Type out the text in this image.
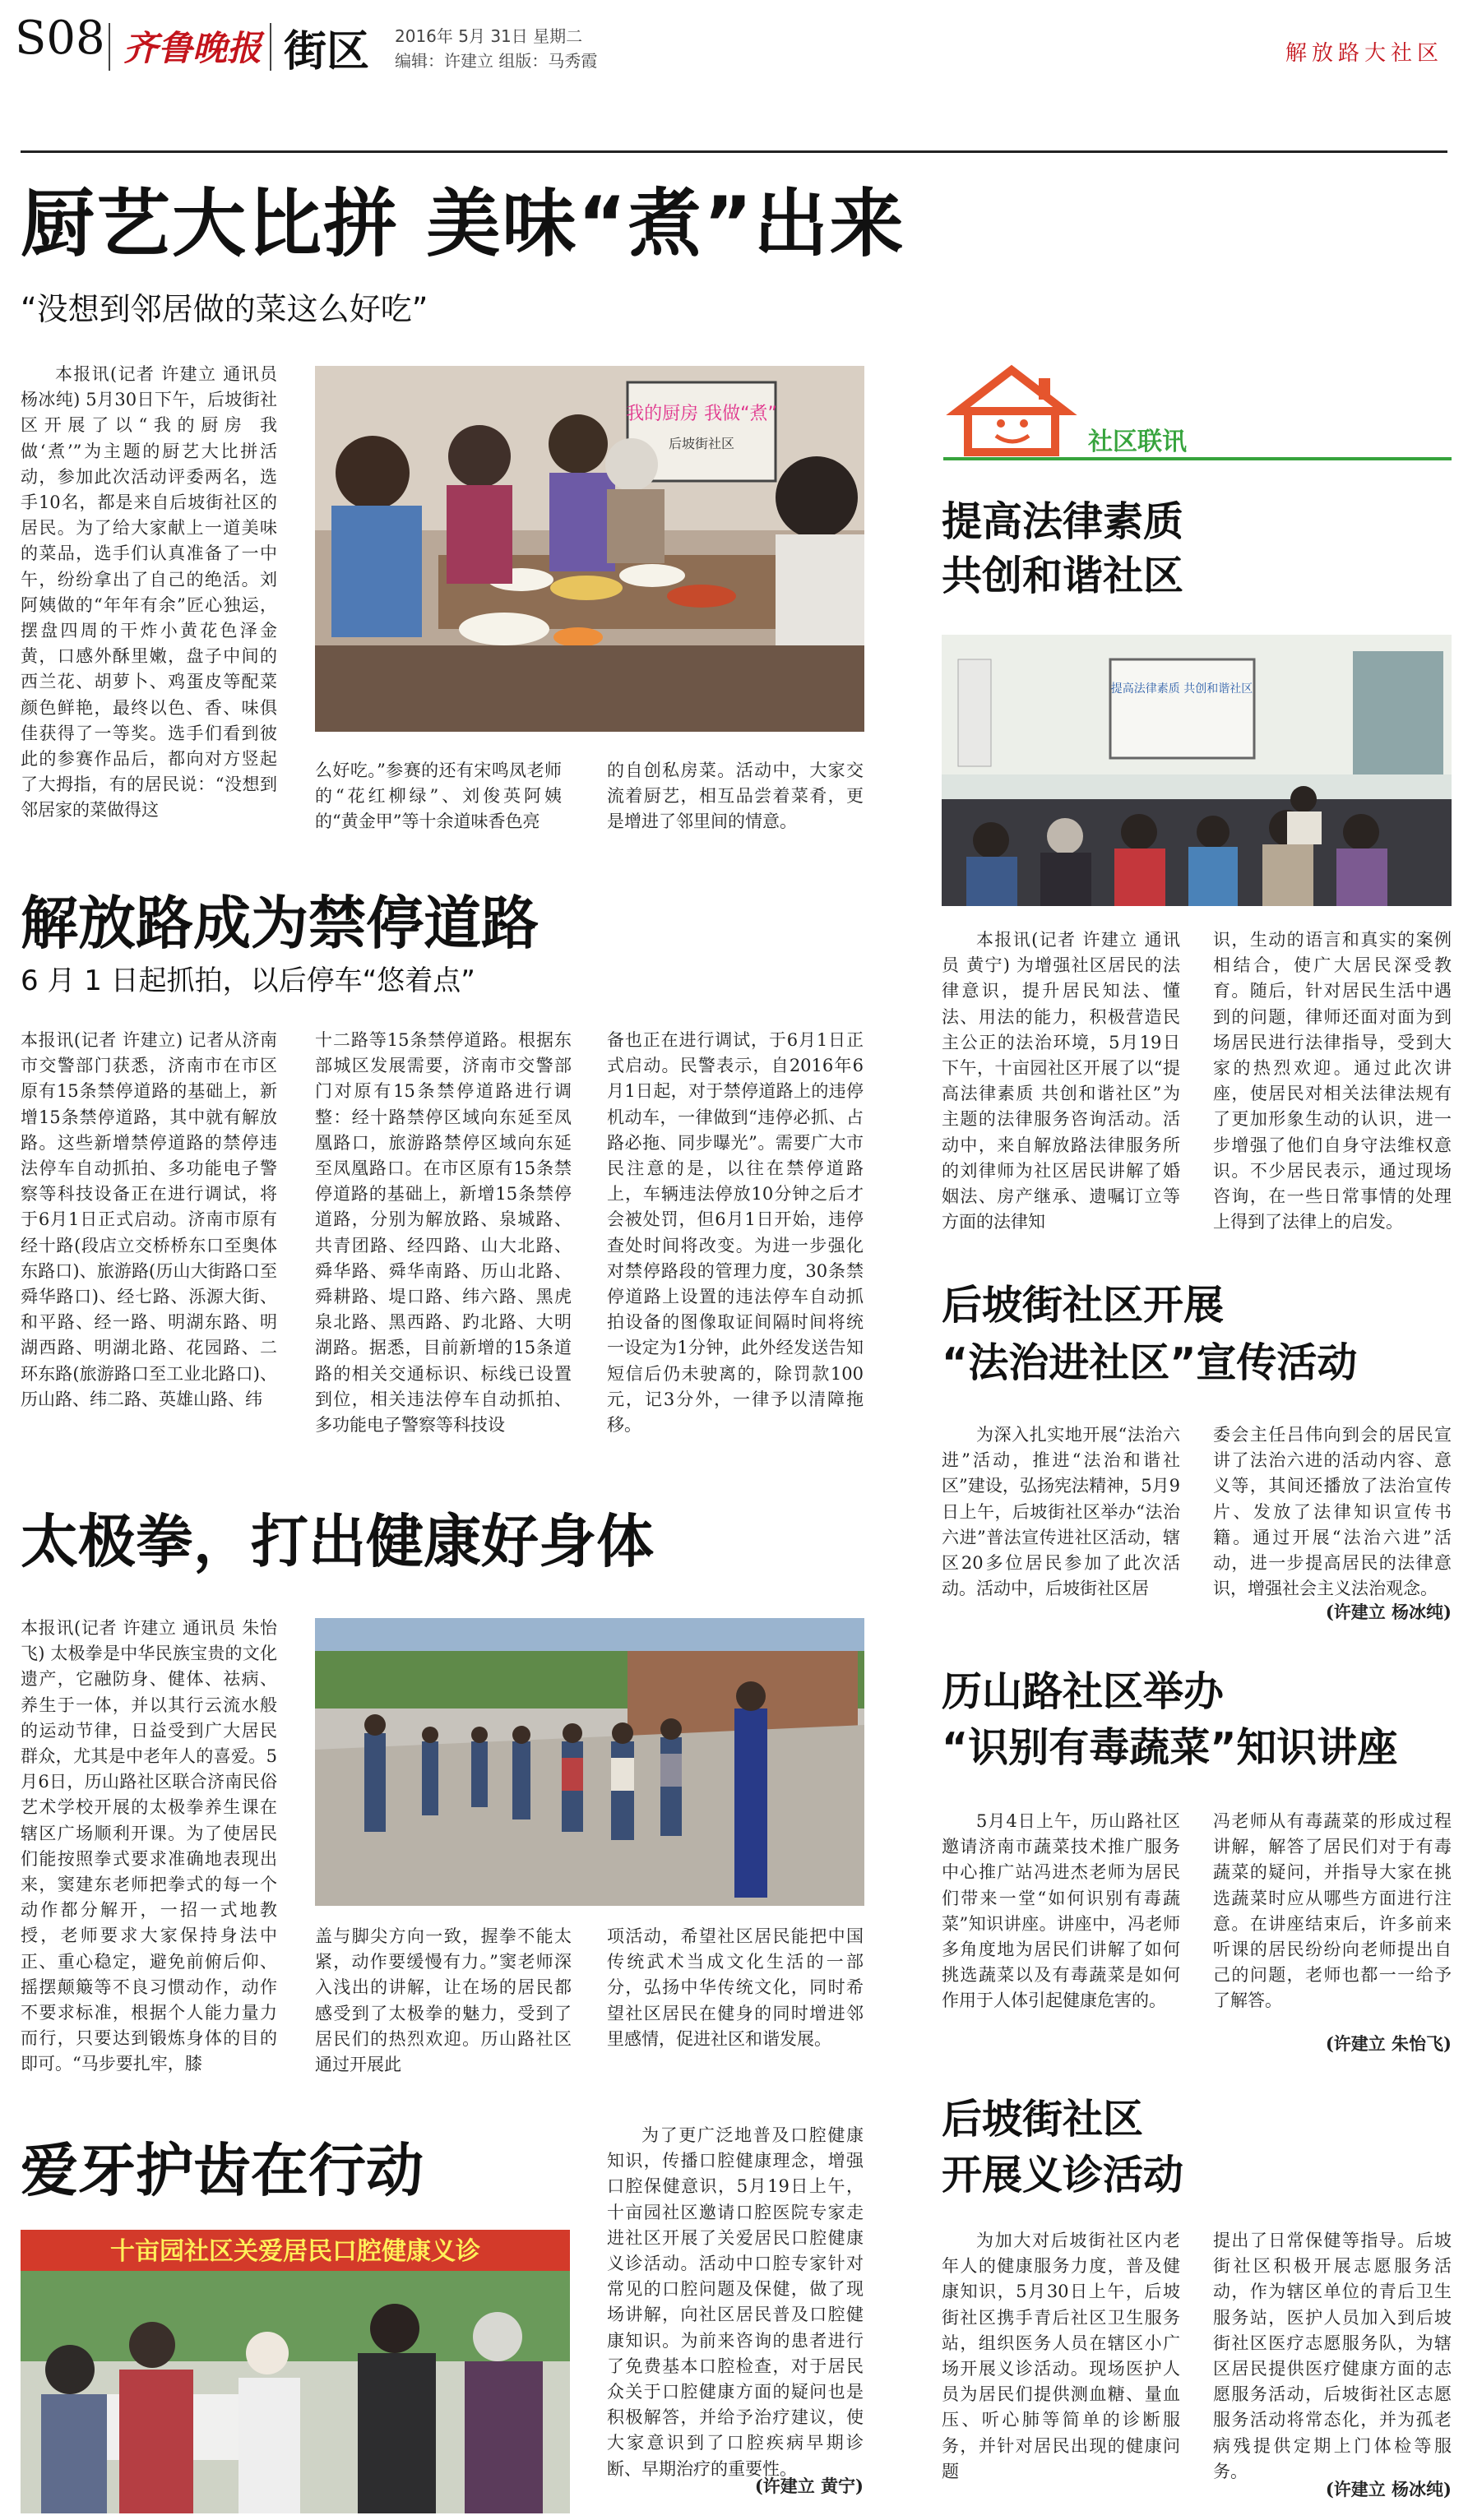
S08 齐鲁晚报 街区 2016年 5月 31日 星期二
编辑：许建立 组版：马秀霞	解放路大社区
厨艺大比拼 美味“煮”出来
“没想到邻居做的菜这么好吃”
本报讯(记者 许建立 通讯员 杨冰纯) 5月30日下午，后坡街社区开展了以“我的厨房 我做‘煮’”为主题的厨艺大比拼活动，参加此次活动评委两名，选手10名，都是来自后坡街社区的居民。为了给大家献上一道美味的菜品，选手们认真准备了一中午，纷纷拿出了自己的绝活。刘阿姨做的“年年有余”匠心独运，摆盘四周的干炸小黄花色泽金黄，口感外酥里嫩，盘子中间的西兰花、胡萝卜、鸡蛋皮等配菜颜色鲜艳，最终以色、香、味俱佳获得了一等奖。选手们看到彼此的参赛作品后，都向对方竖起了大拇指，有的居民说：“没想到邻居家的菜做得这
我的厨房 我做“煮”
后坡街社区
么好吃。”参赛的还有宋鸣凤老师的“花红柳绿”、刘俊英阿姨的“黄金甲”等十余道味香色亮
的自创私房菜。活动中，大家交流着厨艺，相互品尝着菜肴，更是增进了邻里间的情意。
解放路成为禁停道路
6 月 1 日起抓拍，以后停车“悠着点”
本报讯(记者 许建立) 记者从济南市交警部门获悉，济南市在市区原有15条禁停道路的基础上，新增15条禁停道路，其中就有解放路。这些新增禁停道路的禁停违法停车自动抓拍、多功能电子警察等科技设备正在进行调试，将于6月1日正式启动。济南市原有经十路(段店立交桥桥东口至奥体东路口)、旅游路(历山大街路口至舜华路口)、经七路、泺源大街、和平路、经一路、明湖东路、明湖西路、明湖北路、花园路、二环东路(旅游路口至工业北路口)、历山路、纬二路、英雄山路、纬
十二路等15条禁停道路。根据东部城区发展需要，济南市交警部门对原有15条禁停道路进行调整：经十路禁停区域向东延至凤凰路口，旅游路禁停区域向东延至凤凰路口。在市区原有15条禁停道路的基础上，新增15条禁停道路，分别为解放路、泉城路、共青团路、经四路、山大北路、舜华路、舜华南路、历山北路、舜耕路、堤口路、纬六路、黑虎泉北路、黑西路、趵北路、大明湖路。据悉，目前新增的15条道路的相关交通标识、标线已设置到位，相关违法停车自动抓拍、多功能电子警察等科技设
备也正在进行调试，于6月1日正式启动。民警表示，自2016年6月1日起，对于禁停道路上的违停机动车，一律做到“违停必抓、占路必拖、同步曝光”。需要广大市民注意的是，以往在禁停道路上，车辆违法停放10分钟之后才会被处罚，但6月1日开始，违停查处时间将改变。为进一步强化对禁停路段的管理力度，30条禁停道路上设置的违法停车自动抓拍设备的图像取证间隔时间将统一设定为1分钟，此外经发送告知短信后仍未驶离的，除罚款100元，记3分外，一律予以清障拖移。
太极拳，打出健康好身体
本报讯(记者 许建立 通讯员 朱怡飞) 太极拳是中华民族宝贵的文化遗产，它融防身、健体、祛病、养生于一体，并以其行云流水般的运动节律，日益受到广大居民群众，尤其是中老年人的喜爱。5月6日，历山路社区联合济南民俗艺术学校开展的太极拳养生课在辖区广场顺利开课。为了使居民们能按照拳式要求准确地表现出来，窦建东老师把拳式的每一个动作都分解开，一招一式地教授，老师要求大家保持身法中正、重心稳定，避免前俯后仰、摇摆颠簸等不良习惯动作，动作不要求标准，根据个人能力量力而行，只要达到锻炼身体的目的即可。“马步要扎牢，膝
盖与脚尖方向一致，握拳不能太紧，动作要缓慢有力。”窦老师深入浅出的讲解，让在场的居民都感受到了太极拳的魅力，受到了居民们的热烈欢迎。历山路社区通过开展此
项活动，希望社区居民能把中国传统武术当成文化生活的一部分，弘扬中华传统文化，同时希望社区居民在健身的同时增进邻里感情，促进社区和谐发展。
爱牙护齿在行动
十亩园社区关爱居民口腔健康义诊
为了更广泛地普及口腔健康知识，传播口腔健康理念，增强口腔保健意识，5月19日上午，十亩园社区邀请口腔医院专家走进社区开展了关爱居民口腔健康义诊活动。活动中口腔专家针对常见的口腔问题及保健，做了现场讲解，向社区居民普及口腔健康知识。为前来咨询的患者进行了免费基本口腔检查，对于居民众关于口腔健康方面的疑问也是积极解答，并给予治疗建议，使大家意识到了口腔疾病早期诊断、早期治疗的重要性。
(许建立 黄宁)
社区联讯
提高法律素质
共创和谐社区
提高法律素质 共创和谐社区
本报讯(记者 许建立 通讯员 黄宁) 为增强社区居民的法律意识，提升居民知法、懂法、用法的能力，积极营造民主公正的法治环境，5月19日下午，十亩园社区开展了以“提高法律素质 共创和谐社区”为主题的法律服务咨询活动。活动中，来自解放路法律服务所的刘律师为社区居民讲解了婚姻法、房产继承、遗嘱订立等方面的法律知
识，生动的语言和真实的案例相结合，使广大居民深受教育。随后，针对居民生活中遇到的问题，律师还面对面为到场居民进行法律指导，受到大家的热烈欢迎。通过此次讲座，使居民对相关法律法规有了更加形象生动的认识，进一步增强了他们自身守法维权意识。不少居民表示，通过现场咨询，在一些日常事情的处理上得到了法律上的启发。
后坡街社区开展
“法治进社区”宣传活动
为深入扎实地开展“法治六进”活动，推进“法治和谐社区”建设，弘扬宪法精神，5月9日上午，后坡街社区举办“法治六进”普法宣传进社区活动，辖区20多位居民参加了此次活动。活动中，后坡街社区居
委会主任吕伟向到会的居民宣讲了法治六进的活动内容、意义等，其间还播放了法治宣传片、发放了法律知识宣传书籍。通过开展“法治六进”活动，进一步提高居民的法律意识，增强社会主义法治观念。
(许建立 杨冰纯)
历山路社区举办
“识别有毒蔬菜”知识讲座
5月4日上午，历山路社区邀请济南市蔬菜技术推广服务中心推广站冯进杰老师为居民们带来一堂“如何识别有毒蔬菜”知识讲座。讲座中，冯老师多角度地为居民们讲解了如何挑选蔬菜以及有毒蔬菜是如何作用于人体引起健康危害的。
冯老师从有毒蔬菜的形成过程讲解，解答了居民们对于有毒蔬菜的疑问，并指导大家在挑选蔬菜时应从哪些方面进行注意。在讲座结束后，许多前来听课的居民纷纷向老师提出自己的问题，老师也都一一给予了解答。
(许建立 朱怡飞)
后坡街社区
开展义诊活动
为加大对后坡街社区内老年人的健康服务力度，普及健康知识，5月30日上午，后坡街社区携手青后社区卫生服务站，组织医务人员在辖区小广场开展义诊活动。现场医护人员为居民们提供测血糖、量血压、听心肺等简单的诊断服务，并针对居民出现的健康问题
提出了日常保健等指导。后坡街社区积极开展志愿服务活动，作为辖区单位的青后卫生服务站，医护人员加入到后坡街社区医疗志愿服务队，为辖区居民提供医疗健康方面的志愿服务活动，后坡街社区志愿服务活动将常态化，并为孤老病残提供定期上门体检等服务。
(许建立 杨冰纯)
